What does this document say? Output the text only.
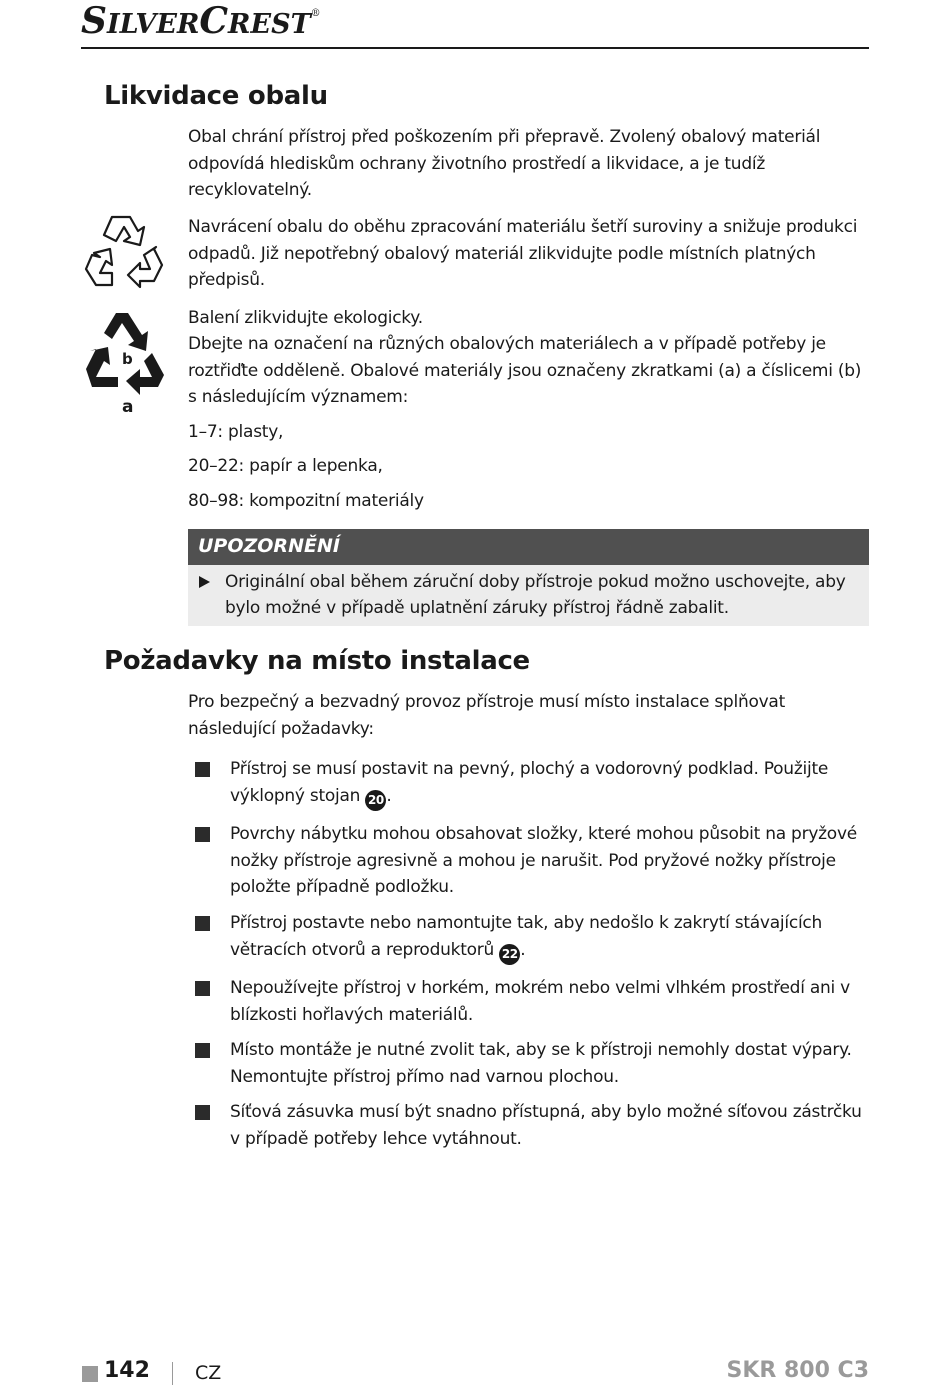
SILVERCREST®
Likvidace obalu

Obal chrání přístroj před poškozením při přepravě. Zvolený obalový materiál odpovídá hlediskům ochrany životního prostředí a likvidace, a je tudíž recyklovatelný.

Navrácení obalu do oběhu zpracování materiálu šetří suroviny a snižuje produkci odpadů. Již nepotřebný obalový materiál zlikvidujte podle místních platných předpisů.

b
a

Balení zlikvidujte ekologicky.

Dbejte na označení na různých obalových materiálech a v případě potřeby je roztřiďte odděleně. Obalové materiály jsou označeny zkratkami (a) a číslicemi (b) s následujícím významem:

1–7: plasty,

20–22: papír a lepenka,

80–98: kompozitní materiály

UPOZORNĚNÍ

Originální obal během záruční doby přístroje pokud možno uschovejte, aby bylo možné v případě uplatnění záruky přístroj řádně zabalit.

Požadavky na místo instalace

Pro bezpečný a bezvadný provoz přístroje musí místo instalace splňovat následující požadavky:

Přístroj se musí postavit na pevný, plochý a vodorovný podklad. Použijte výklopný stojan 20 .

Povrchy nábytku mohou obsahovat složky, které mohou působit na pryžové nožky přístroje agresivně a mohou je narušit. Pod pryžové nožky přístroje položte případně podložku.

Přístroj postavte nebo namontujte tak, aby nedošlo k zakrytí stávajících větracích otvorů a reproduktorů 22 .

Nepoužívejte přístroj v horkém, mokrém nebo velmi vlhkém prostředí ani v blízkosti hořlavých materiálů.

Místo montáže je nutné zvolit tak, aby se k přístroji nemohly dostat výpary. Nemontujte přístroj přímo nad varnou plochou.

Síťová zásuvka musí být snadno přístupná, aby bylo možné síťovou zástrčku v případě potřeby lehce vytáhnout.

142 CZ	SKR 800 C3
